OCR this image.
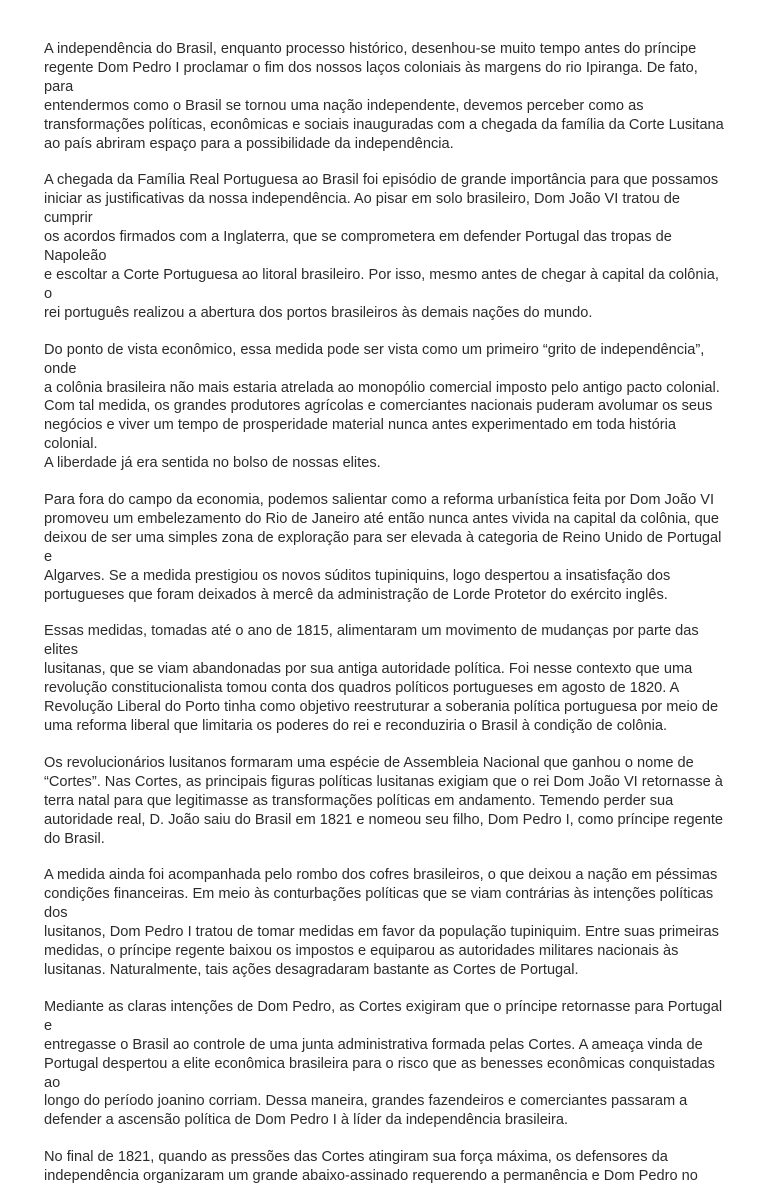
A independência do Brasil, enquanto processo histórico, desenhou-se muito tempo antes do príncipe
regente Dom Pedro I proclamar o fim dos nossos laços coloniais às margens do rio Ipiranga. De fato, para
entendermos como o Brasil se tornou uma nação independente, devemos perceber como as
transformações políticas, econômicas e sociais inauguradas com a chegada da família da Corte Lusitana
ao país abriram espaço para a possibilidade da independência.

A chegada da Família Real Portuguesa ao Brasil foi episódio de grande importância para que possamos
iniciar as justificativas da nossa independência. Ao pisar em solo brasileiro, Dom João VI tratou de cumprir
os acordos firmados com a Inglaterra, que se comprometera em defender Portugal das tropas de Napoleão
e escoltar a Corte Portuguesa ao litoral brasileiro. Por isso, mesmo antes de chegar à capital da colônia, o
rei português realizou a abertura dos portos brasileiros às demais nações do mundo.

Do ponto de vista econômico, essa medida pode ser vista como um primeiro “grito de independência”, onde
a colônia brasileira não mais estaria atrelada ao monopólio comercial imposto pelo antigo pacto colonial.
Com tal medida, os grandes produtores agrícolas e comerciantes nacionais puderam avolumar os seus
negócios e viver um tempo de prosperidade material nunca antes experimentado em toda história colonial.
A liberdade já era sentida no bolso de nossas elites.

Para fora do campo da economia, podemos salientar como a reforma urbanística feita por Dom João VI
promoveu um embelezamento do Rio de Janeiro até então nunca antes vivida na capital da colônia, que
deixou de ser uma simples zona de exploração para ser elevada à categoria de Reino Unido de Portugal e
Algarves. Se a medida prestigiou os novos súditos tupiniquins, logo despertou a insatisfação dos
portugueses que foram deixados à mercê da administração de Lorde Protetor do exército inglês.

Essas medidas, tomadas até o ano de 1815, alimentaram um movimento de mudanças por parte das elites
lusitanas, que se viam abandonadas por sua antiga autoridade política. Foi nesse contexto que uma
revolução constitucionalista tomou conta dos quadros políticos portugueses em agosto de 1820. A
Revolução Liberal do Porto tinha como objetivo reestruturar a soberania política portuguesa por meio de
uma reforma liberal que limitaria os poderes do rei e reconduziria o Brasil à condição de colônia.

Os revolucionários lusitanos formaram uma espécie de Assembleia Nacional que ganhou o nome de
“Cortes”. Nas Cortes, as principais figuras políticas lusitanas exigiam que o rei Dom João VI retornasse à
terra natal para que legitimasse as transformações políticas em andamento. Temendo perder sua
autoridade real, D. João saiu do Brasil em 1821 e nomeou seu filho, Dom Pedro I, como príncipe regente
do Brasil.

A medida ainda foi acompanhada pelo rombo dos cofres brasileiros, o que deixou a nação em péssimas
condições financeiras. Em meio às conturbações políticas que se viam contrárias às intenções políticas dos
lusitanos, Dom Pedro I tratou de tomar medidas em favor da população tupiniquim. Entre suas primeiras
medidas, o príncipe regente baixou os impostos e equiparou as autoridades militares nacionais às
lusitanas. Naturalmente, tais ações desagradaram bastante as Cortes de Portugal.

Mediante as claras intenções de Dom Pedro, as Cortes exigiram que o príncipe retornasse para Portugal e
entregasse o Brasil ao controle de uma junta administrativa formada pelas Cortes. A ameaça vinda de
Portugal despertou a elite econômica brasileira para o risco que as benesses econômicas conquistadas ao
longo do período joanino corriam. Dessa maneira, grandes fazendeiros e comerciantes passaram a
defender a ascensão política de Dom Pedro I à líder da independência brasileira.

No final de 1821, quando as pressões das Cortes atingiram sua força máxima, os defensores da
independência organizaram um grande abaixo-assinado requerendo a permanência e Dom Pedro no
